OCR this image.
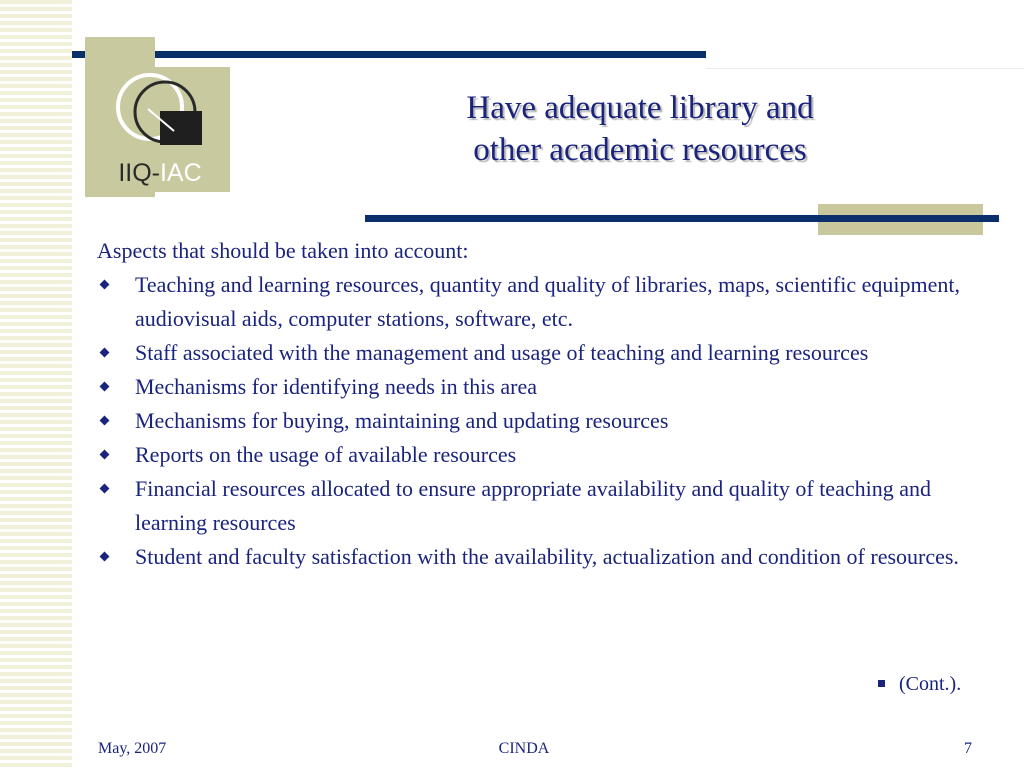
IIQ-IAC
Have adequate library and
other academic resources

Aspects that should be taken into account:

Teaching and learning resources, quantity and quality of libraries, maps, scientific equipment, audiovisual aids, computer stations, software, etc.
Staff associated with the management and usage of teaching and learning resources
Mechanisms for identifying needs in this area
Mechanisms for buying, maintaining and updating resources
Reports on the usage of available resources
Financial resources allocated to ensure appropriate availability and quality of teaching and learning resources
Student and faculty satisfaction with the availability, actualization and condition of resources.
(Cont.).
May, 2007	CINDA	7
